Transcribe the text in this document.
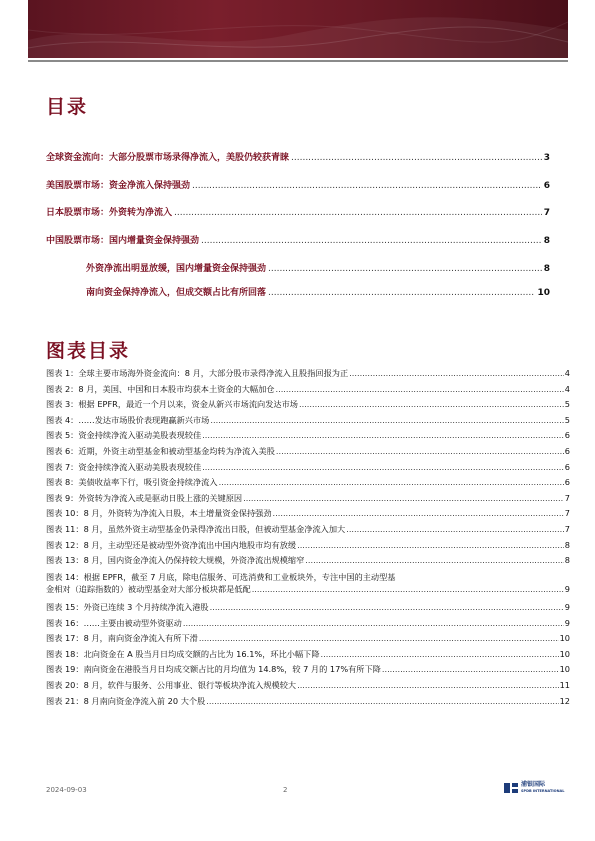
目录
全球资金流向：大部分股票市场录得净流入，美股仍较获青睐 .....	3
美国股票市场：资金净流入保持强劲 .....	6
日本股票市场：外资转为净流入 .....	7
中国股票市场：国内增量资金保持强劲 .....	8
外资净流出明显放缓，国内增量资金保持强劲 .....	8
南向资金保持净流入，但成交额占比有所回落 .....	10
图表目录
图表 1：全球主要市场海外资金流向：8 月，大部分股市录得净流入且股指回报为正 .....	4
图表 2：8 月，美国、中国和日本股市均获本土资金的大幅加仓 .....	4
图表 3：根据 EPFR，最近一个月以来，资金从新兴市场流向发达市场 .....	5
图表 4：……发达市场股价表现跑赢新兴市场 .....	5
图表 5：资金持续净流入驱动美股表现较佳 .....	6
图表 6：近期，外资主动型基金和被动型基金均转为净流入美股 .....	6
图表 7：资金持续净流入驱动美股表现较佳 .....	6
图表 8：美债收益率下行，吸引资金持续净流入 .....	6
图表 9：外资转为净流入或是驱动日股上涨的关键原因 .....	7
图表 10：8 月，外资转为净流入日股，本土增量资金保持强劲 .....	7
图表 11：8 月，虽然外资主动型基金仍录得净流出日股，但被动型基金净流入加大 .....	7
图表 12：8 月，主动型还是被动型外资净流出中国内地股市均有放缓 .....	8
图表 13：8 月，国内资金净流入仍保持较大规模，外资净流出规模缩窄 .....	8
图表 14：根据 EPFR，截至 7 月底，除电信服务、可选消费和工业板块外，专注中国的主动型基
金相对（追踪指数的）被动型基金对大部分板块都是低配 .....	9
图表 15：外资已连续 3 个月持续净流入港股 .....	9
图表 16：……主要由被动型外资驱动 .....	9
图表 17：8 月，南向资金净流入有所下滑 .....	10
图表 18：北向资金在 A 股当月日均成交额的占比为 16.1%，环比小幅下降 .....	10
图表 19：南向资金在港股当月日均成交额占比的月均值为 14.8%，较 7 月的 17%有所下降 .....	10
图表 20：8 月，软件与服务、公用事业、银行等板块净流入规模较大 .....	11
图表 21：8 月南向资金净流入前 20 大个股 .....	12
2024-09-03	2
浦银国际
SPDB INTERNATIONAL
